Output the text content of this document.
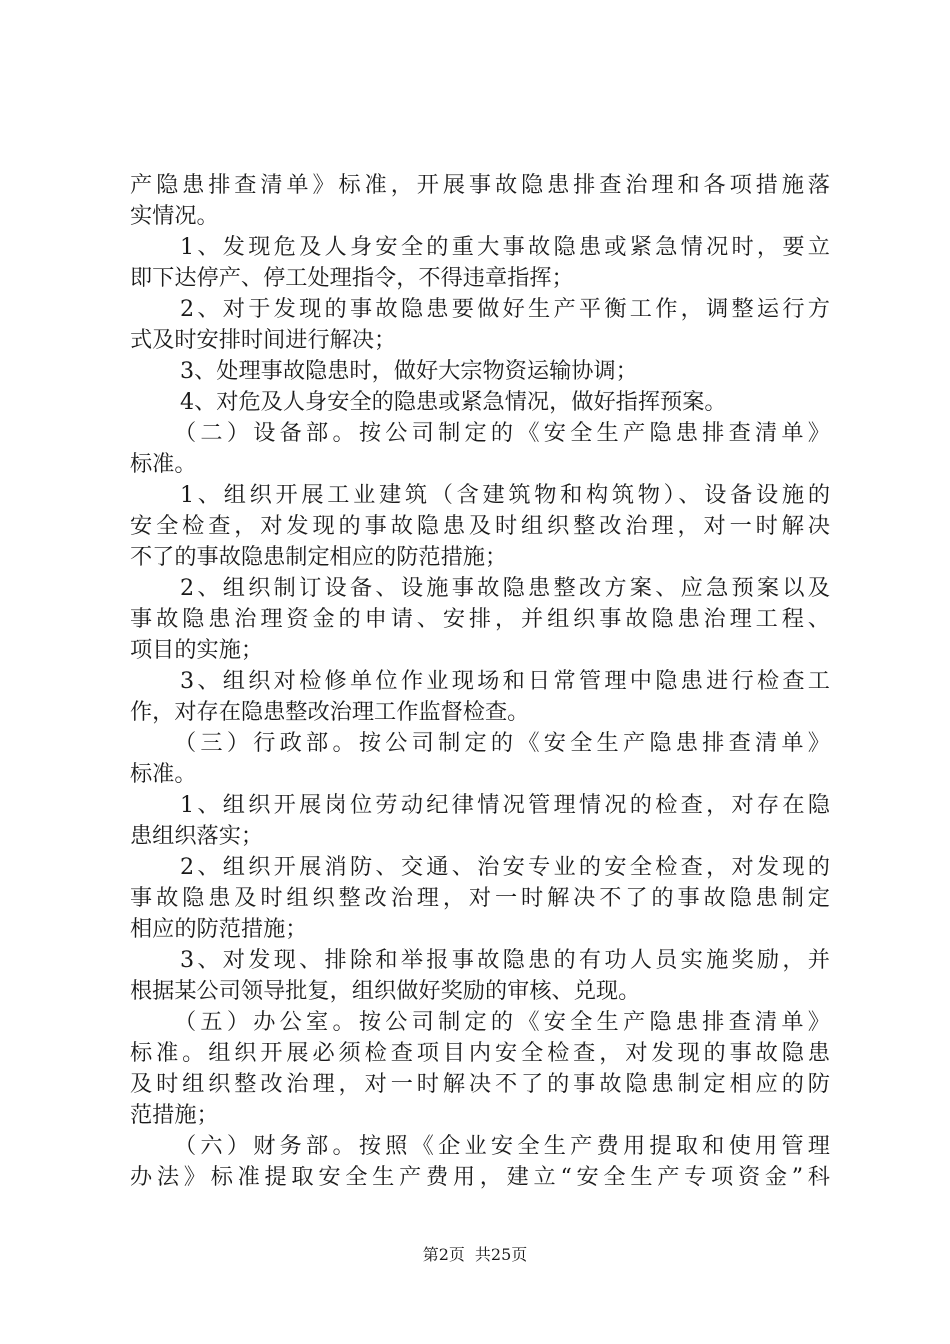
产隐患排查清单》标准，开展事故隐患排查治理和各项措施落
实情况。
1、发现危及人身安全的重大事故隐患或紧急情况时，要立
即下达停产、停工处理指令，不得违章指挥；
2、对于发现的事故隐患要做好生产平衡工作，调整运行方
式及时安排时间进行解决；
3、处理事故隐患时，做好大宗物资运输协调；
4、对危及人身安全的隐患或紧急情况，做好指挥预案。
（二）设备部。按公司制定的《安全生产隐患排查清单》
标准。
1、组织开展工业建筑（含建筑物和构筑物）、设备设施的
安全检查，对发现的事故隐患及时组织整改治理，对一时解决
不了的事故隐患制定相应的防范措施；
2、组织制订设备、设施事故隐患整改方案、应急预案以及
事故隐患治理资金的申请、安排，并组织事故隐患治理工程、
项目的实施；
3、组织对检修单位作业现场和日常管理中隐患进行检查工
作，对存在隐患整改治理工作监督检查。
（三）行政部。按公司制定的《安全生产隐患排查清单》
标准。
1、组织开展岗位劳动纪律情况管理情况的检查，对存在隐
患组织落实；
2、组织开展消防、交通、治安专业的安全检查，对发现的
事故隐患及时组织整改治理，对一时解决不了的事故隐患制定
相应的防范措施；
3、对发现、排除和举报事故隐患的有功人员实施奖励，并
根据某公司领导批复，组织做好奖励的审核、兑现。
（五）办公室。按公司制定的《安全生产隐患排查清单》
标准。组织开展必须检查项目内安全检查，对发现的事故隐患
及时组织整改治理，对一时解决不了的事故隐患制定相应的防
范措施；
（六）财务部。按照《企业安全生产费用提取和使用管理
办法》标准提取安全生产费用，建立“安全生产专项资金”科
第2页 共25页
